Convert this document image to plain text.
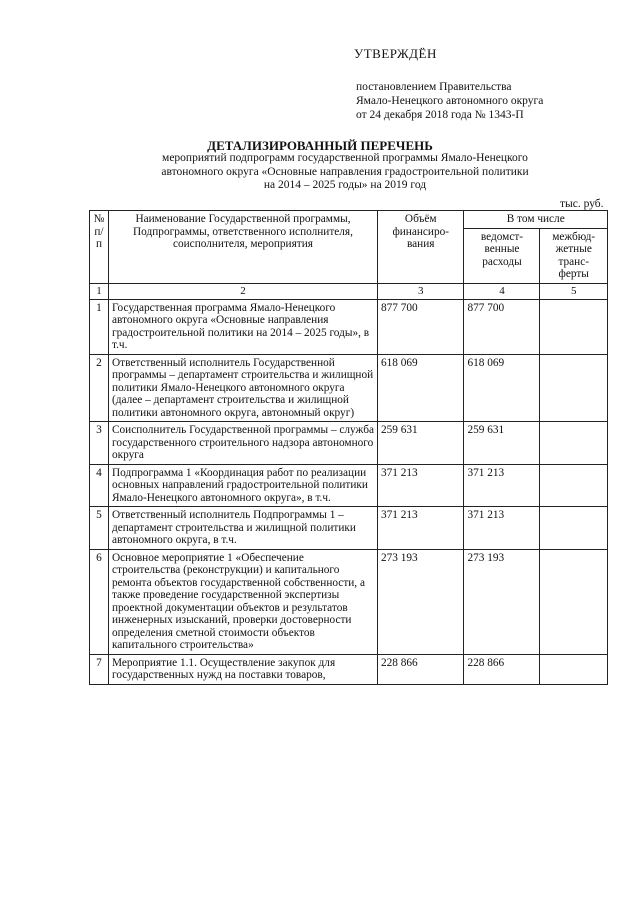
УТВЕРЖДЁН
постановлением Правительства
Ямало-Ненецкого автономного округа
от 24 декабря 2018 года № 1343-П
ДЕТАЛИЗИРОВАННЫЙ ПЕРЕЧЕНЬ
мероприятий подпрограмм государственной программы Ямало-Ненецкого
автономного округа «Основные направления градостроительной политики
на 2014 – 2025 годы» на 2019 год
тыс. руб.
№ п/п	Наименование Государственной программы, Подпрограммы, ответственного исполнителя, соисполнителя, мероприятия	Объём финансиро-вания	В том числе	
			ведомст-венные расходы	межбюд-жетные транс-ферты
1	2	3	4	5
1	Государственная программа Ямало-Ненецкого автономного округа «Основные направления градостроительной политики на 2014 – 2025 годы», в т.ч.	877 700	877 700	
2	Ответственный исполнитель Государственной программы – департамент строительства и жилищной политики Ямало-Ненецкого автономного округа (далее – департамент строительства и жилищной политики автономного округа, автономный округ)	618 069	618 069	
3	Соисполнитель Государственной программы – служба государственного строительного надзора автономного округа	259 631	259 631	
4	Подпрограмма 1 «Координация работ по реализации основных направлений градостроительной политики Ямало-Ненецкого автономного округа», в т.ч.	371 213	371 213	
5	Ответственный исполнитель Подпрограммы 1 – департамент строительства и жилищной политики автономного округа, в т.ч.	371 213	371 213	
6	Основное мероприятие 1 «Обеспечение строительства (реконструкции) и капитального ремонта объектов государственной собственности, а также проведение государственной экспертизы проектной документации объектов и результатов инженерных изысканий, проверки достоверности определения сметной стоимости объектов капитального строительства»	273 193	273 193	
7	Мероприятие 1.1. Осуществление закупок для государственных нужд на поставки товаров,	228 866	228 866	
